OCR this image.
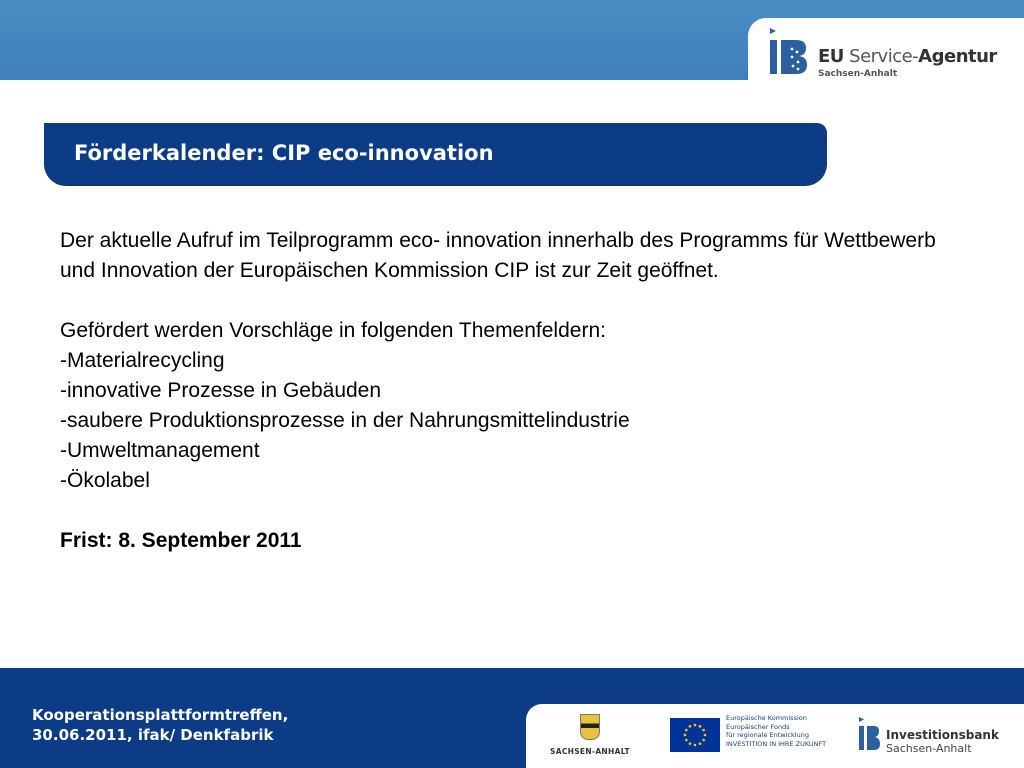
EU Service-Agentur
Sachsen-Anhalt
Förderkalender: CIP eco-innovation

Der aktuelle Aufruf im Teilprogramm eco- innovation innerhalb des Programms für Wettbewerb und Innovation der Europäischen Kommission CIP ist zur Zeit geöffnet.

Gefördert werden Vorschläge in folgenden Themenfeldern:

-Materialrecycling
-innovative Prozesse in Gebäuden
-saubere Produktionsprozesse in der Nahrungsmittelindustrie
-Umweltmanagement
-Ökolabel

Frist: 8. September 2011

Kooperationsplattformtreffen,
30.06.2011, ifak/ Denkfabrik
SACHSEN-ANHALT
Europäische Kommission
Europäischer Fonds
für regionale Entwicklung
INVESTITION IN IHRE ZUKUNFT
Investitionsbank
Sachsen-Anhalt
